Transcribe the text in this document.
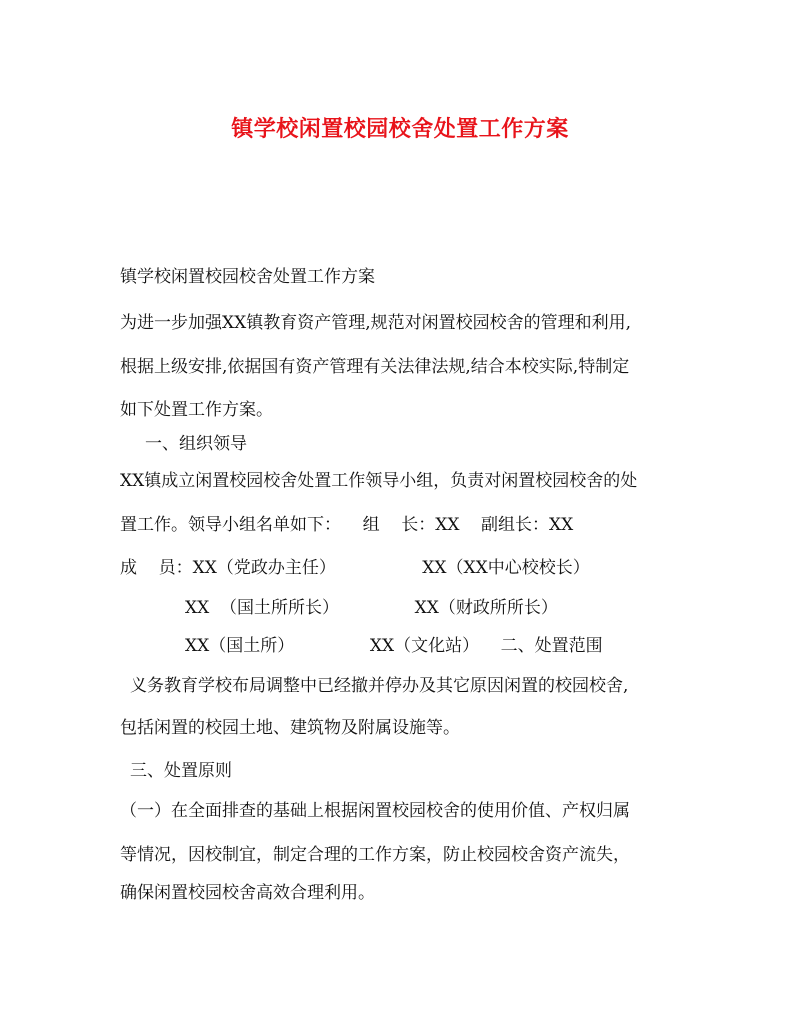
镇学校闲置校园校舍处置工作方案
镇学校闲置校园校舍处置工作方案
为进一步加强XX镇教育资产管理,规范对闲置校园校舍的管理和利用,
根据上级安排,依据国有资产管理有关法律法规,结合本校实际,特制定
如下处置工作方案。
一、组织领导
XX镇成立闲置校园校舍处置工作领导小组，负责对闲置校园校舍的处
置工作。领导小组名单如下：    组    长：XX    副组长：XX
成    员：XX（党政办主任）                XX（XX中心校校长）
XX  （国土所所长）              XX（财政所所长）
XX（国土所）              XX（文化站）    二、处置范围
义务教育学校布局调整中已经撤并停办及其它原因闲置的校园校舍,
包括闲置的校园土地、建筑物及附属设施等。
三、处置原则
（一）在全面排查的基础上根据闲置校园校舍的使用价值、产权归属
等情况，因校制宜，制定合理的工作方案，防止校园校舍资产流失，
确保闲置校园校舍高效合理利用。
